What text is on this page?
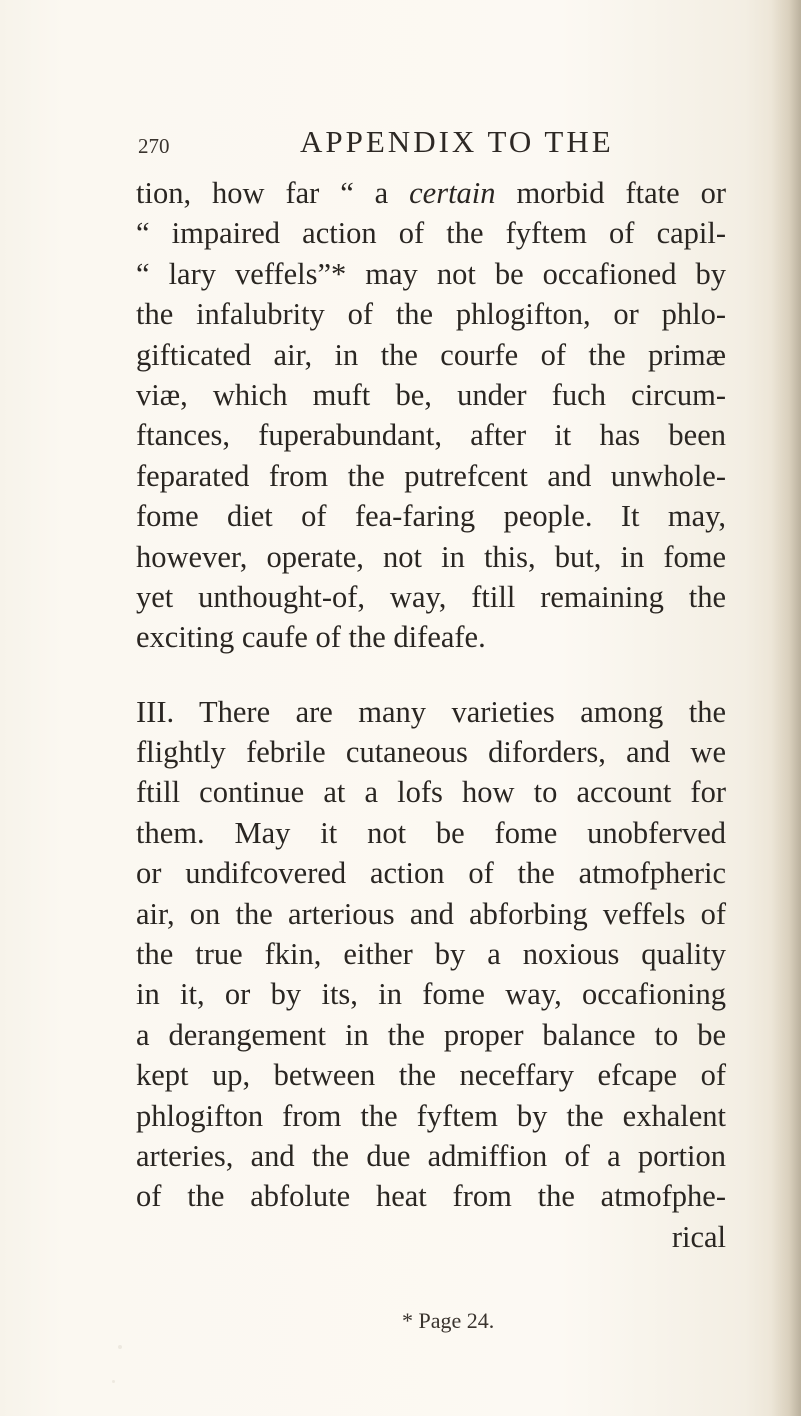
270	APPENDIX TO THE
tion, how far “ a certain morbid ftate or
“ impaired action of the fyftem of capil-
“ lary veffels”* may not be occafioned by
the infalubrity of the phlogifton, or phlo-
gifticated air, in the courfe of the primæ
viæ, which muft be, under fuch circum-
ftances, fuperabundant, after it has been
feparated from the putrefcent and unwhole-
fome diet of fea-faring people. It may,
however, operate, not in this, but, in fome
yet unthought-of, way, ftill remaining the
exciting caufe of the difeafe.
III. There are many varieties among the
flightly febrile cutaneous diforders, and we
ftill continue at a lofs how to account for
them. May it not be fome unobferved
or undifcovered action of the atmofpheric
air, on the arterious and abforbing veffels of
the true fkin, either by a noxious quality
in it, or by its, in fome way, occafioning
a derangement in the proper balance to be
kept up, between the neceffary efcape of
phlogifton from the fyftem by the exhalent
arteries, and the due admiffion of a portion
of the abfolute heat from the atmofphe-
rical
* Page 24.
